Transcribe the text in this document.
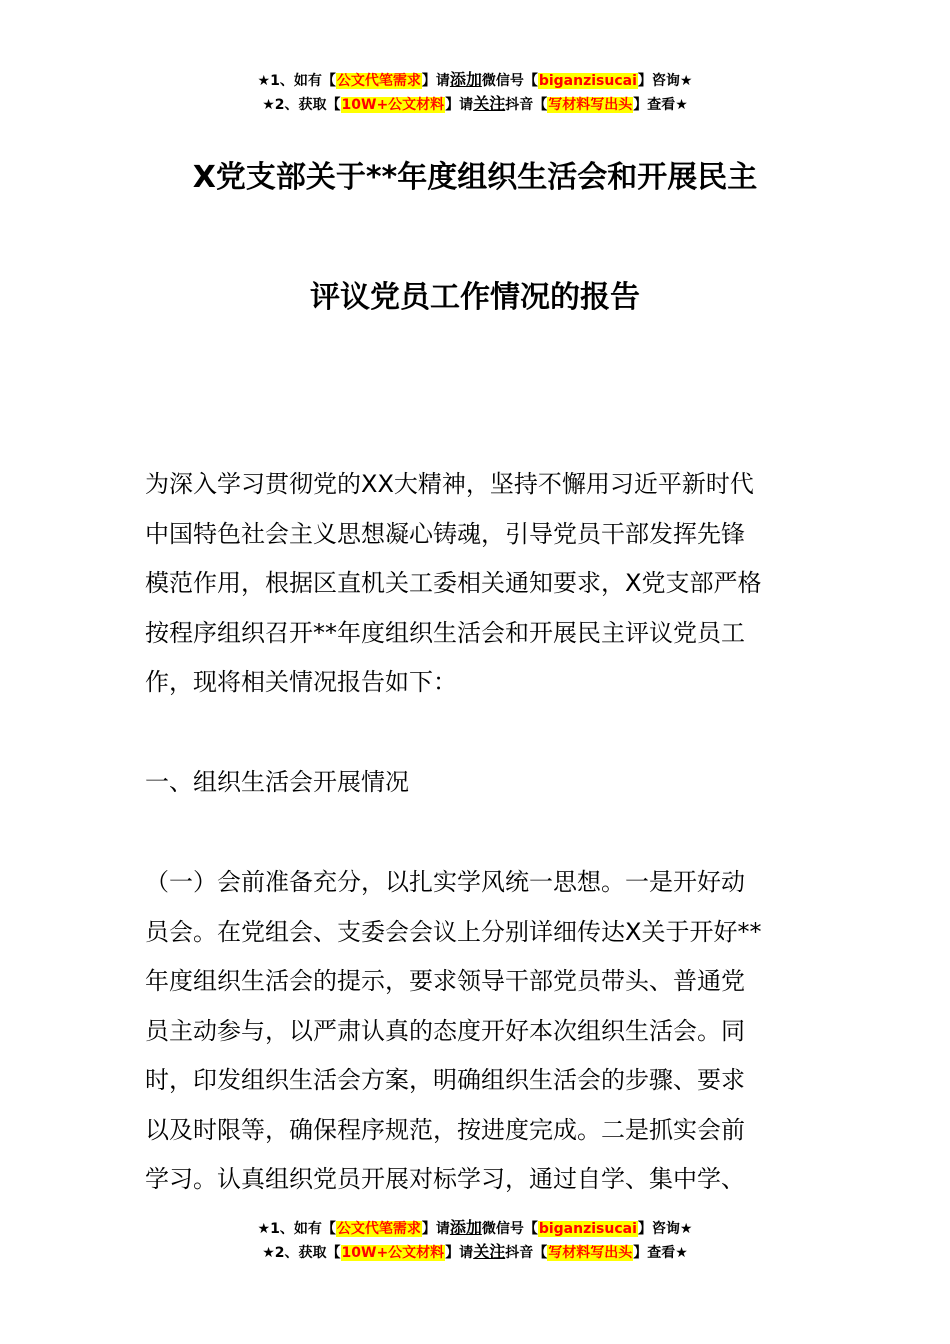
★1、如有【公文代笔需求】请添加微信号【biganzisucai】咨询★
★2、获取【10W+公文材料】请关注抖音【写材料写出头】查看★
X党支部关于**年度组织生活会和开展民主
评议党员工作情况的报告
为深入学习贯彻党的XX大精神，坚持不懈用习近平新时代
中国特色社会主义思想凝心铸魂，引导党员干部发挥先锋
模范作用，根据区直机关工委相关通知要求，X党支部严格
按程序组织召开**年度组织生活会和开展民主评议党员工
作，现将相关情况报告如下：
一、组织生活会开展情况
（一）会前准备充分，以扎实学风统一思想。一是开好动
员会。在党组会、支委会会议上分别详细传达X关于开好**
年度组织生活会的提示，要求领导干部党员带头、普通党
员主动参与，以严肃认真的态度开好本次组织生活会。同
时，印发组织生活会方案，明确组织生活会的步骤、要求
以及时限等，确保程序规范，按进度完成。二是抓实会前
学习。认真组织党员开展对标学习，通过自学、集中学、
★1、如有【公文代笔需求】请添加微信号【biganzisucai】咨询★
★2、获取【10W+公文材料】请关注抖音【写材料写出头】查看★
